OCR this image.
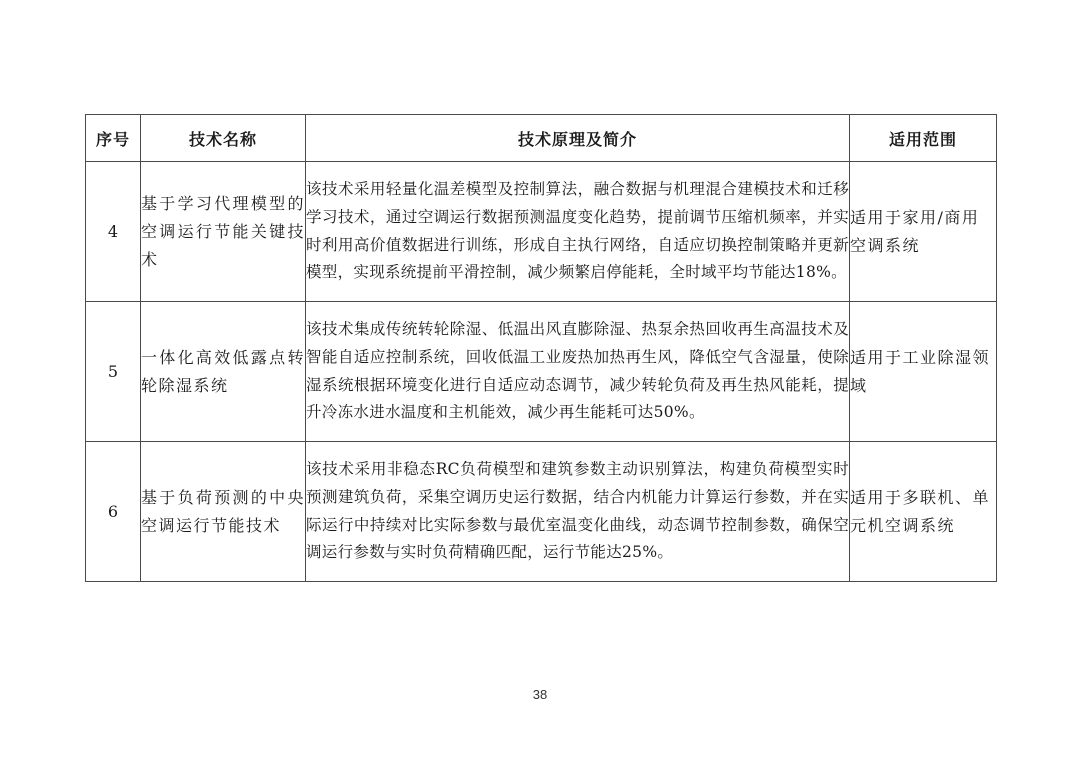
序号	技术名称	技术原理及简介	适用范围
4	基于学习代理模型的空调运行节能关键技术	该技术采用轻量化温差模型及控制算法，融合数据与机理混合建模技术和迁移学习技术，通过空调运行数据预测温度变化趋势，提前调节压缩机频率，并实时利用高价值数据进行训练，形成自主执行网络，自适应切换控制策略并更新模型，实现系统提前平滑控制，减少频繁启停能耗，全时域平均节能达18%。	适用于家用/商用空调系统
5	一体化高效低露点转轮除湿系统	该技术集成传统转轮除湿、低温出风直膨除湿、热泵余热回收再生高温技术及智能自适应控制系统，回收低温工业废热加热再生风，降低空气含湿量，使除湿系统根据环境变化进行自适应动态调节，减少转轮负荷及再生热风能耗，提升冷冻水进水温度和主机能效，减少再生能耗可达50%。	适用于工业除湿领域
6	基于负荷预测的中央空调运行节能技术	该技术采用非稳态RC负荷模型和建筑参数主动识别算法，构建负荷模型实时预测建筑负荷，采集空调历史运行数据，结合内机能力计算运行参数，并在实际运行中持续对比实际参数与最优室温变化曲线，动态调节控制参数，确保空调运行参数与实时负荷精确匹配，运行节能达25%。	适用于多联机、单元机空调系统
38
